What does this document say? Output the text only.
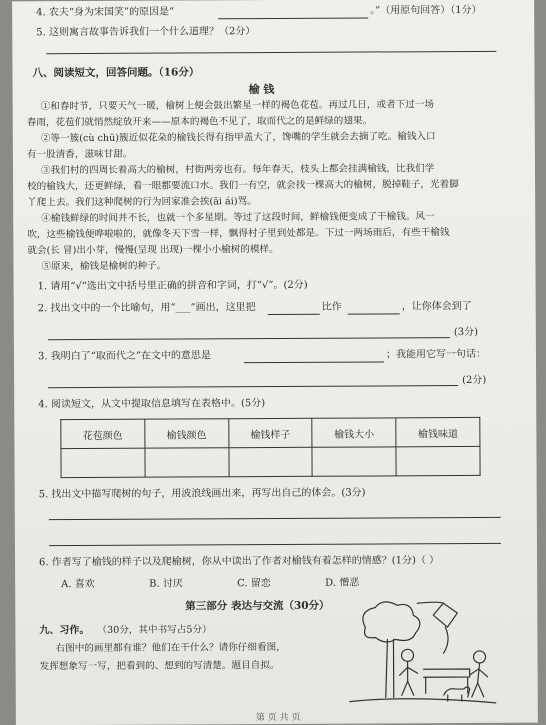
4. 农夫“身为宋国笑”的原因是“	。”（用原句回答）（1分）
5. 这则寓言故事告诉我们一个什么道理？（2分）
八、阅读短文，回答问题。（16分）
榆 钱
①和春时节，只要天气一暖，榆树上便会鼓出繁星一样的褐色花苞。再过几日，或者下过一场
春雨，花苞们就悄然绽放开来——原本的褐色不见了，取而代之的是鲜绿的翅果。
②等一簇(cù chū)簇近似花朵的榆钱长得有指甲盖大了，馋嘴的学生就会去摘了吃。榆钱入口
有一股清香，滋味甘甜。
③我们村的四周长着高大的榆树，村街两旁也有。每年春天，枝头上都会挂满榆钱，比我们学
校的榆钱大，还更鲜绿，看一眼都要流口水。我们一有空，就会找一棵高大的榆树，脱掉鞋子，光着脚
丫爬上去。我们这种爬树的行为回家准会挨(āi ái)骂。
④榆钱鲜绿的时间并不长，也就一个多星期。等过了这段时间，鲜榆钱便变成了干榆钱。风一
吹，这些榆钱便哗啦啦的，就像冬天下雪一样，飘得村子里到处都是。下过一两场雨后，有些干榆钱
就会(长 冒)出小芽，慢慢(呈现 出现)一棵小小榆树的模样。
⑤原来，榆钱是榆树的种子。
1. 请用“√”选出文中括号里正确的拼音和字词，打“√”。(2分)
2. 找出文中的一个比喻句，用“___”画出，这里把	比作	，让你体会到了
(3分)
3. 我明白了“取而代之”在文中的意思是	；我能用它写一句话：
(2分)
4. 阅读短文，从文中提取信息填写在表格中。(5分)
花苞颜色	榆钱颜色	榆钱样子	榆钱大小	榆钱味道

5. 找出文中描写爬树的句子，用波浪线画出来，再写出自己的体会。(3分)
6. 作者写了榆钱的样子以及爬榆树，你从中读出了作者对榆钱有着怎样的情感？(1分)（ ）
A. 喜欢	B. 讨厌	C. 留恋	D. 憎恶
第三部分 表达与交流（30分）
九、习作。 （30分，其中书写占5分）
右图中的画里都有谁？他们在干什么？请你仔细看图，
发挥想象写一写，把看到的、想到的写清楚。题目自拟。
第 页 共 页
